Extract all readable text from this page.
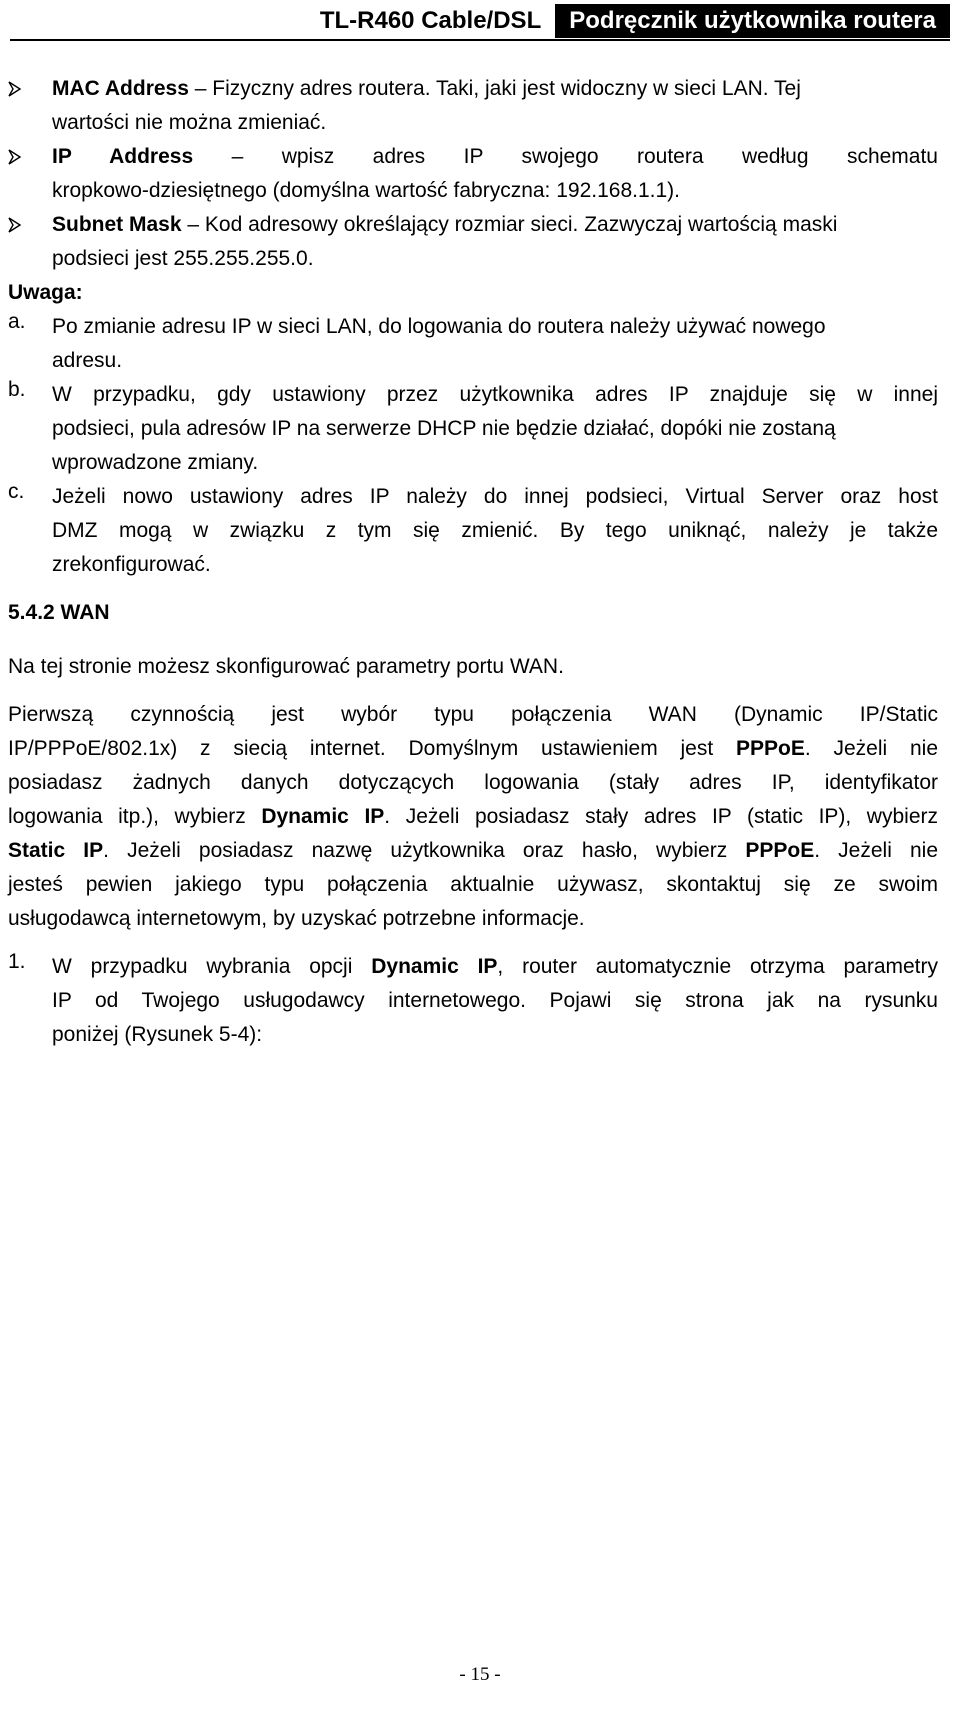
TL-R460 Cable/DSL	Podręcznik użytkownika routera
MAC Address – Fizyczny adres routera. Taki, jaki jest widoczny w sieci LAN. Tej
wartości nie można zmieniać.
IP Address – wpisz adres IP swojego routera według schematu
kropkowo-dziesiętnego (domyślna wartość fabryczna: 192.168.1.1).
Subnet Mask – Kod adresowy określający rozmiar sieci. Zazwyczaj wartością maski
podsieci jest 255.255.255.0.
Uwaga:
a. Po zmianie adresu IP w sieci LAN, do logowania do routera należy używać nowego
adresu.
b. W przypadku, gdy ustawiony przez użytkownika adres IP znajduje się w innej
podsieci, pula adresów IP na serwerze DHCP nie będzie działać, dopóki nie zostaną
wprowadzone zmiany.
c. Jeżeli nowo ustawiony adres IP należy do innej podsieci, Virtual Server oraz host
DMZ mogą w związku z tym się zmienić. By tego uniknąć, należy je także
zrekonfigurować.
5.4.2 WAN
Na tej stronie możesz skonfigurować parametry portu WAN.
Pierwszą czynnością jest wybór typu połączenia WAN (Dynamic IP/Static
IP/PPPoE/802.1x) z siecią internet. Domyślnym ustawieniem jest PPPoE. Jeżeli nie
posiadasz żadnych danych dotyczących logowania (stały adres IP, identyfikator
logowania itp.), wybierz Dynamic IP. Jeżeli posiadasz stały adres IP (static IP), wybierz
Static IP. Jeżeli posiadasz nazwę użytkownika oraz hasło, wybierz PPPoE. Jeżeli nie
jesteś pewien jakiego typu połączenia aktualnie używasz, skontaktuj się ze swoim
usługodawcą internetowym, by uzyskać potrzebne informacje.
1. W przypadku wybrania opcji Dynamic IP, router automatycznie otrzyma parametry
IP od Twojego usługodawcy internetowego. Pojawi się strona jak na rysunku
poniżej (Rysunek 5-4):
- 15 -
